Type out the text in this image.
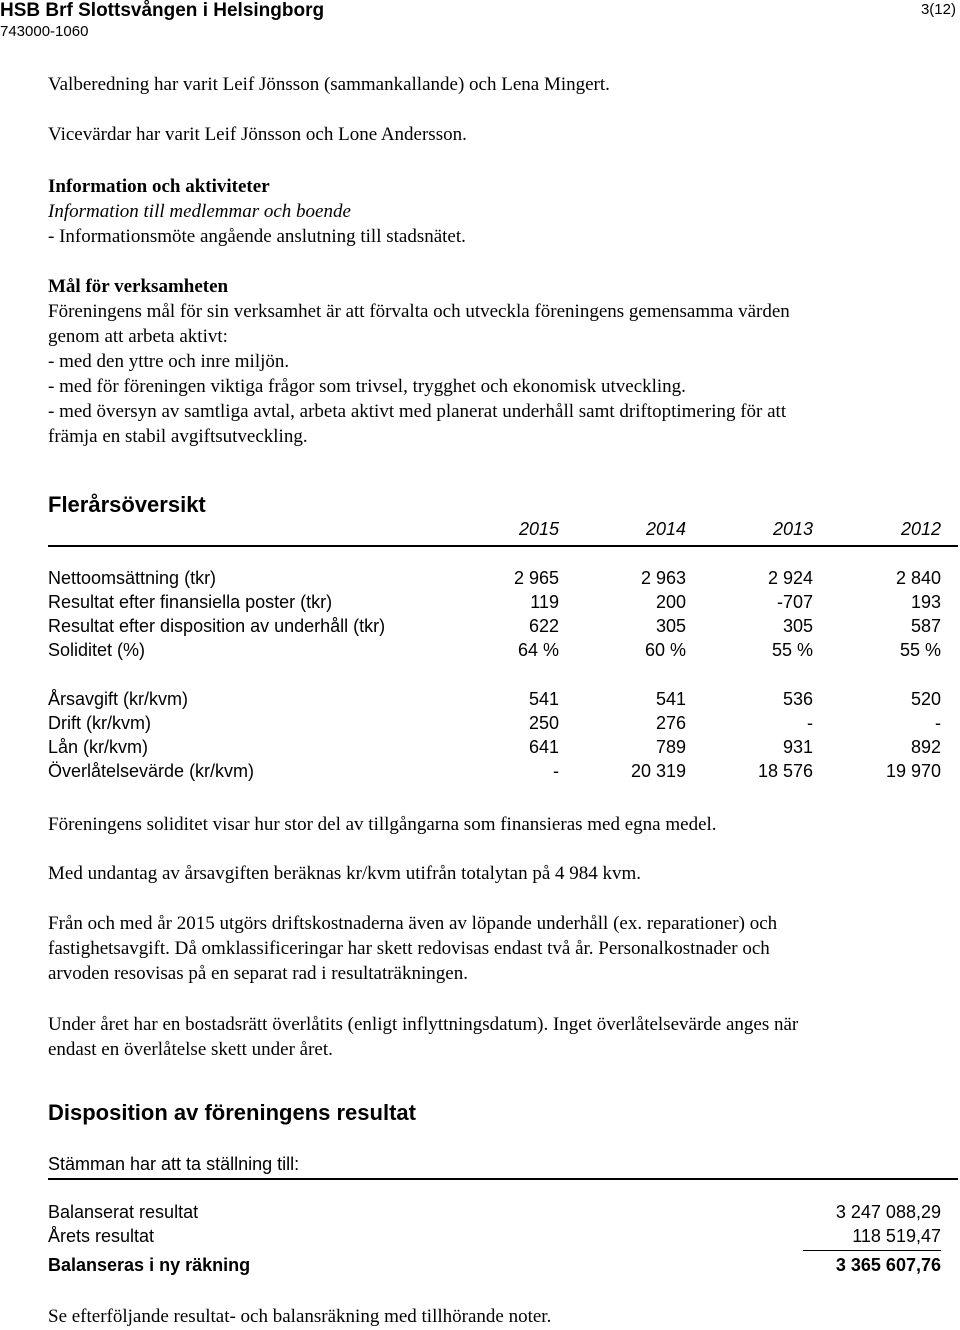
HSB Brf Slottsvången i Helsingborg
743000-1060
3(12)
Valberedning har varit Leif Jönsson (sammankallande) och Lena Mingert.
Vicevärdar har varit Leif Jönsson och Lone Andersson.
Information och aktiviteter
Information till medlemmar och boende
- Informationsmöte angående anslutning till stadsnätet.
Mål för verksamheten
Föreningens mål för sin verksamhet är att förvalta och utveckla föreningens gemensamma värden
genom att arbeta aktivt:
- med den yttre och inre miljön.
- med för föreningen viktiga frågor som trivsel, trygghet och ekonomisk utveckling.
- med översyn av samtliga avtal, arbeta aktivt med planerat underhåll samt driftoptimering för att
främja en stabil avgiftsutveckling.
Flerårsöversikt
2015	2014	2013	2012
Nettoomsättning (tkr)	2 965	2 963	2 924	2 840
Resultat efter finansiella poster (tkr)	119	200	-707	193
Resultat efter disposition av underhåll (tkr)	622	305	305	587
Soliditet (%)	64 %	60 %	55 %	55 %
Årsavgift (kr/kvm)	541	541	536	520
Drift (kr/kvm)	250	276	-	-
Lån (kr/kvm)	641	789	931	892
Överlåtelsevärde (kr/kvm)	-	20 319	18 576	19 970
Föreningens soliditet visar hur stor del av tillgångarna som finansieras med egna medel.
Med undantag av årsavgiften beräknas kr/kvm utifrån totalytan på 4 984 kvm.
Från och med år 2015 utgörs driftskostnaderna även av löpande underhåll (ex. reparationer) och
fastighetsavgift. Då omklassificeringar har skett redovisas endast två år. Personalkostnader och
arvoden resovisas på en separat rad i resultaträkningen.
Under året har en bostadsrätt överlåtits (enligt inflyttningsdatum). Inget överlåtelsevärde anges när
endast en överlåtelse skett under året.
Disposition av föreningens resultat
Stämman har att ta ställning till:
Balanserat resultat	3 247 088,29
Årets resultat	118 519,47
Balanseras i ny räkning	3 365 607,76
Se efterföljande resultat- och balansräkning med tillhörande noter.
